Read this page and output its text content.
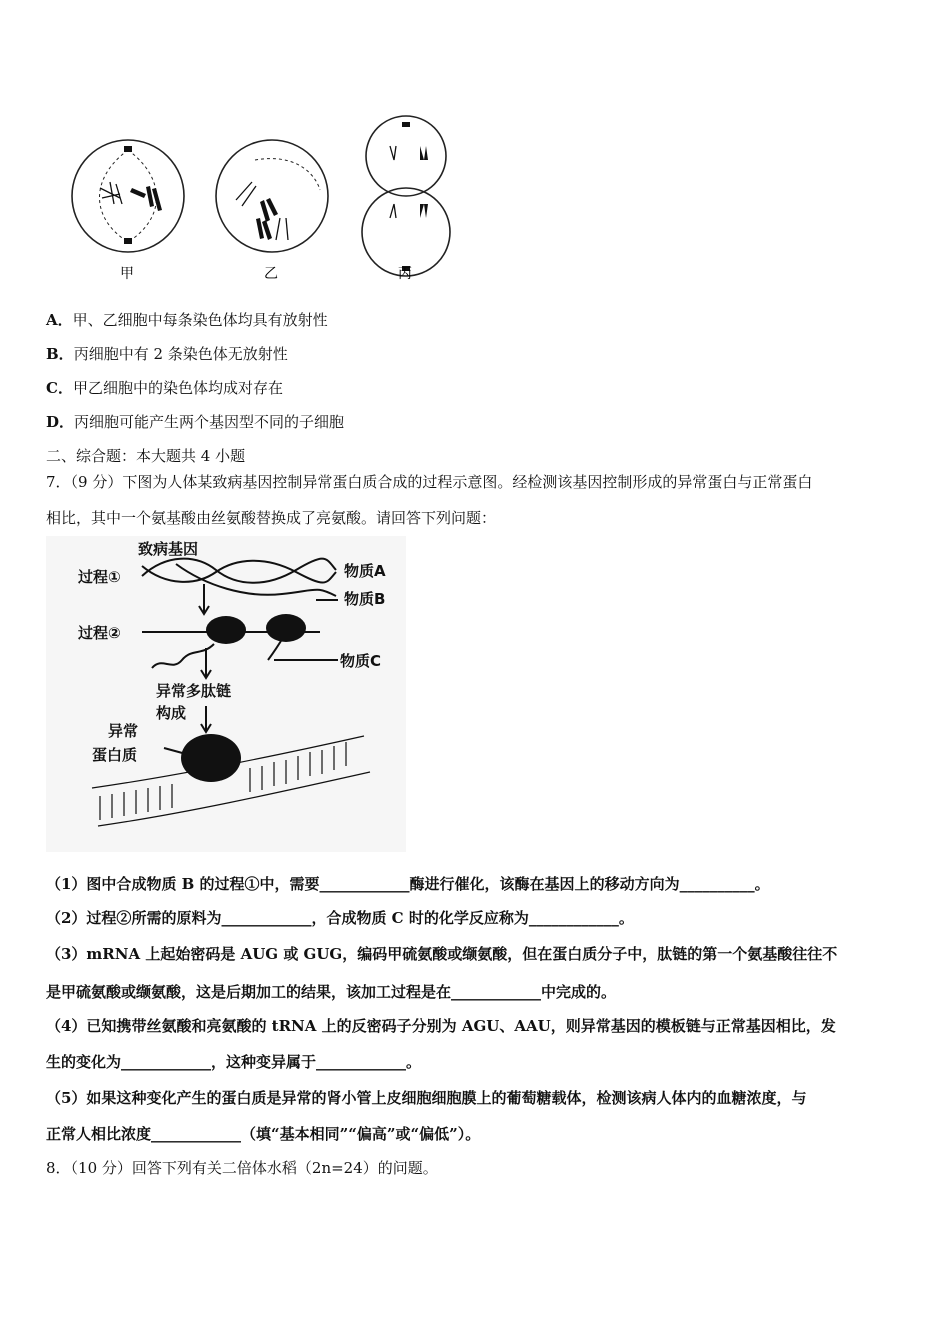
甲	乙	丙
A．甲、乙细胞中每条染色体均具有放射性
B．丙细胞中有 2 条染色体无放射性
C．甲乙细胞中的染色体均成对存在
D．丙细胞可能产生两个基因型不同的子细胞
二、综合题：本大题共 4 小题
7．（9 分）下图为人体某致病基因控制异常蛋白质合成的过程示意图。经检测该基因控制形成的异常蛋白与正常蛋白
相比，其中一个氨基酸由丝氨酸替换成了亮氨酸。请回答下列问题：
致病基因
过程①
过程②
物质A
物质B
物质C
异常多肽链
构成
异常
蛋白质
（1）图中合成物质 B 的过程①中，需要____________酶进行催化，该酶在基因上的移动方向为__________。
（2）过程②所需的原料为____________，合成物质 C 时的化学反应称为____________。
（3）mRNA 上起始密码是 AUG 或 GUG，编码甲硫氨酸或缬氨酸，但在蛋白质分子中，肽链的第一个氨基酸往往不
是甲硫氨酸或缬氨酸，这是后期加工的结果，该加工过程是在____________中完成的。
（4）已知携带丝氨酸和亮氨酸的 tRNA 上的反密码子分别为 AGU、AAU，则异常基因的模板链与正常基因相比，发
生的变化为____________，这种变异属于____________。
（5）如果这种变化产生的蛋白质是异常的肾小管上皮细胞细胞膜上的葡萄糖载体，检测该病人体内的血糖浓度，与
正常人相比浓度____________（填“基本相同”“偏高”或“偏低”）。
8．（10 分）回答下列有关二倍体水稻（2n=24）的问题。
